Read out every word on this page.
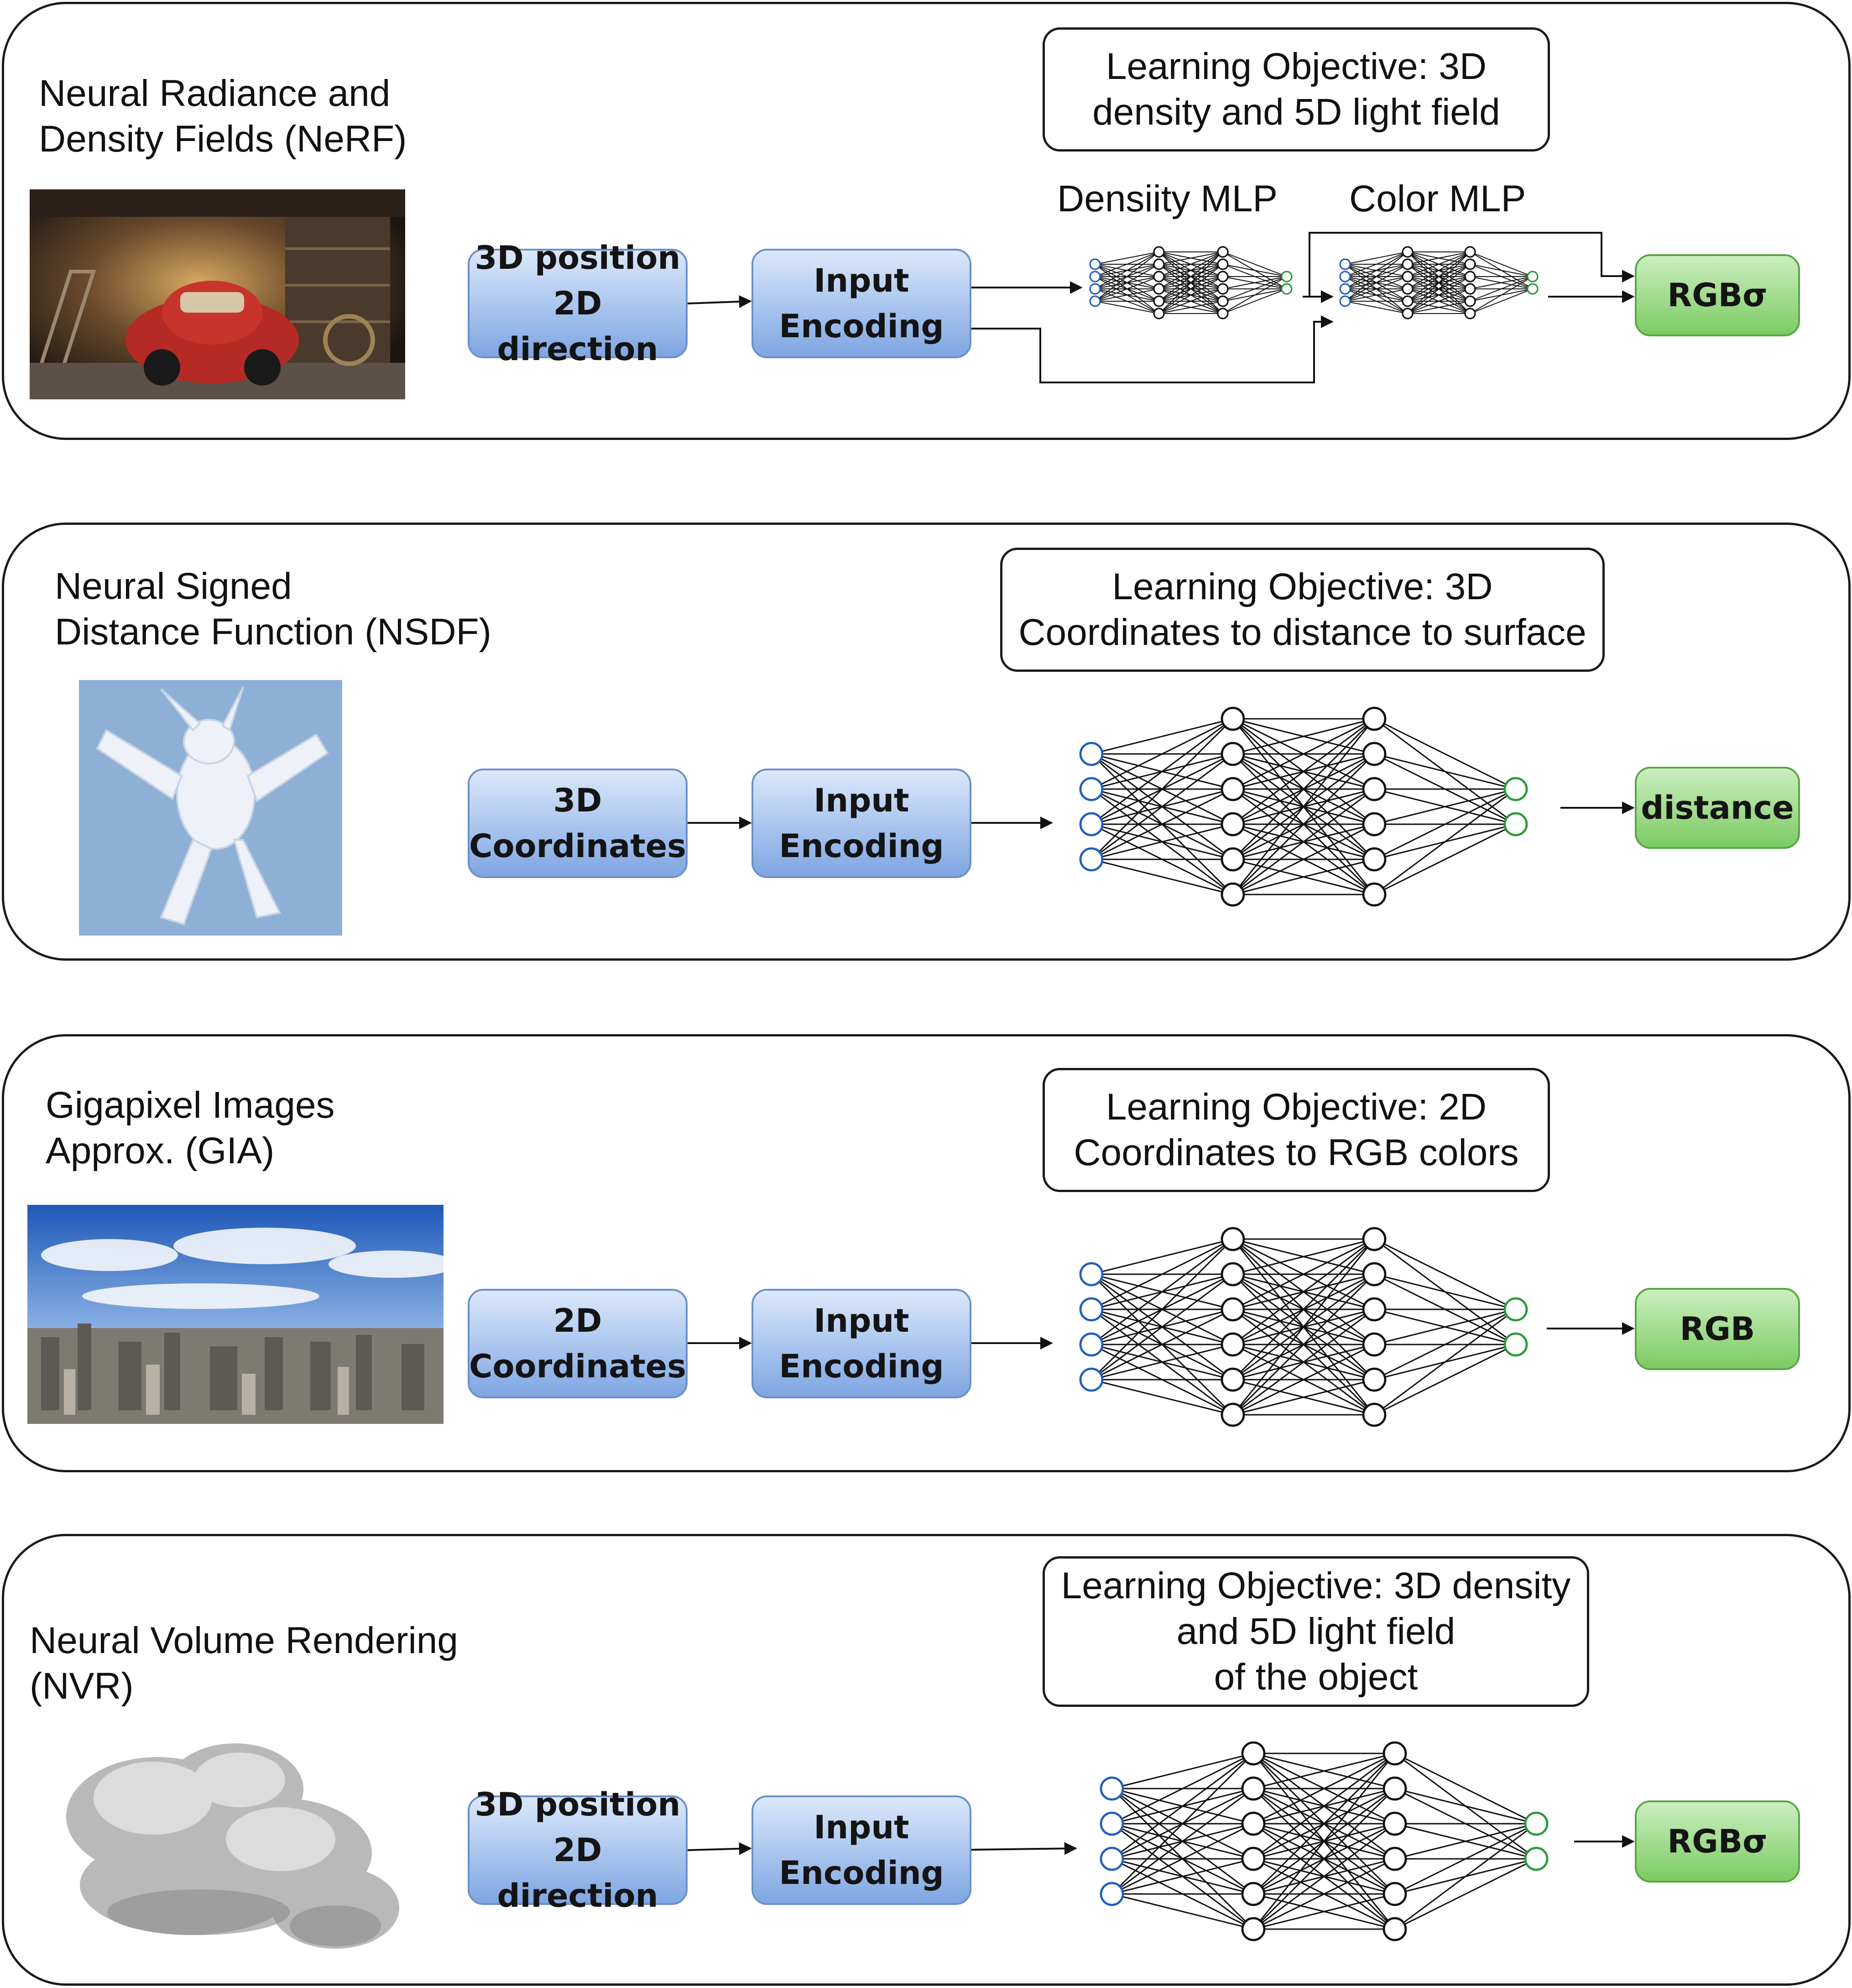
Neural Radiance and
Density Fields (NeRF)
3D position
2D direction
Input
Encoding
Learning Objective: 3D
density and 5D light field
Densiity MLP Color MLP
RGBσ
Neural Signed
Distance Function (NSDF)
3D
Coordinates
Input
Encoding
Learning Objective: 3D
Coordinates to distance to surface
distance
Gigapixel Images
Approx. (GIA)
2D
Coordinates
Input
Encoding
Learning Objective: 2D
Coordinates to RGB colors
RGB
Neural Volume Rendering
(NVR)
3D position
2D direction
Input
Encoding
Learning Objective: 3D density
and 5D light field
of the object
RGBσ
